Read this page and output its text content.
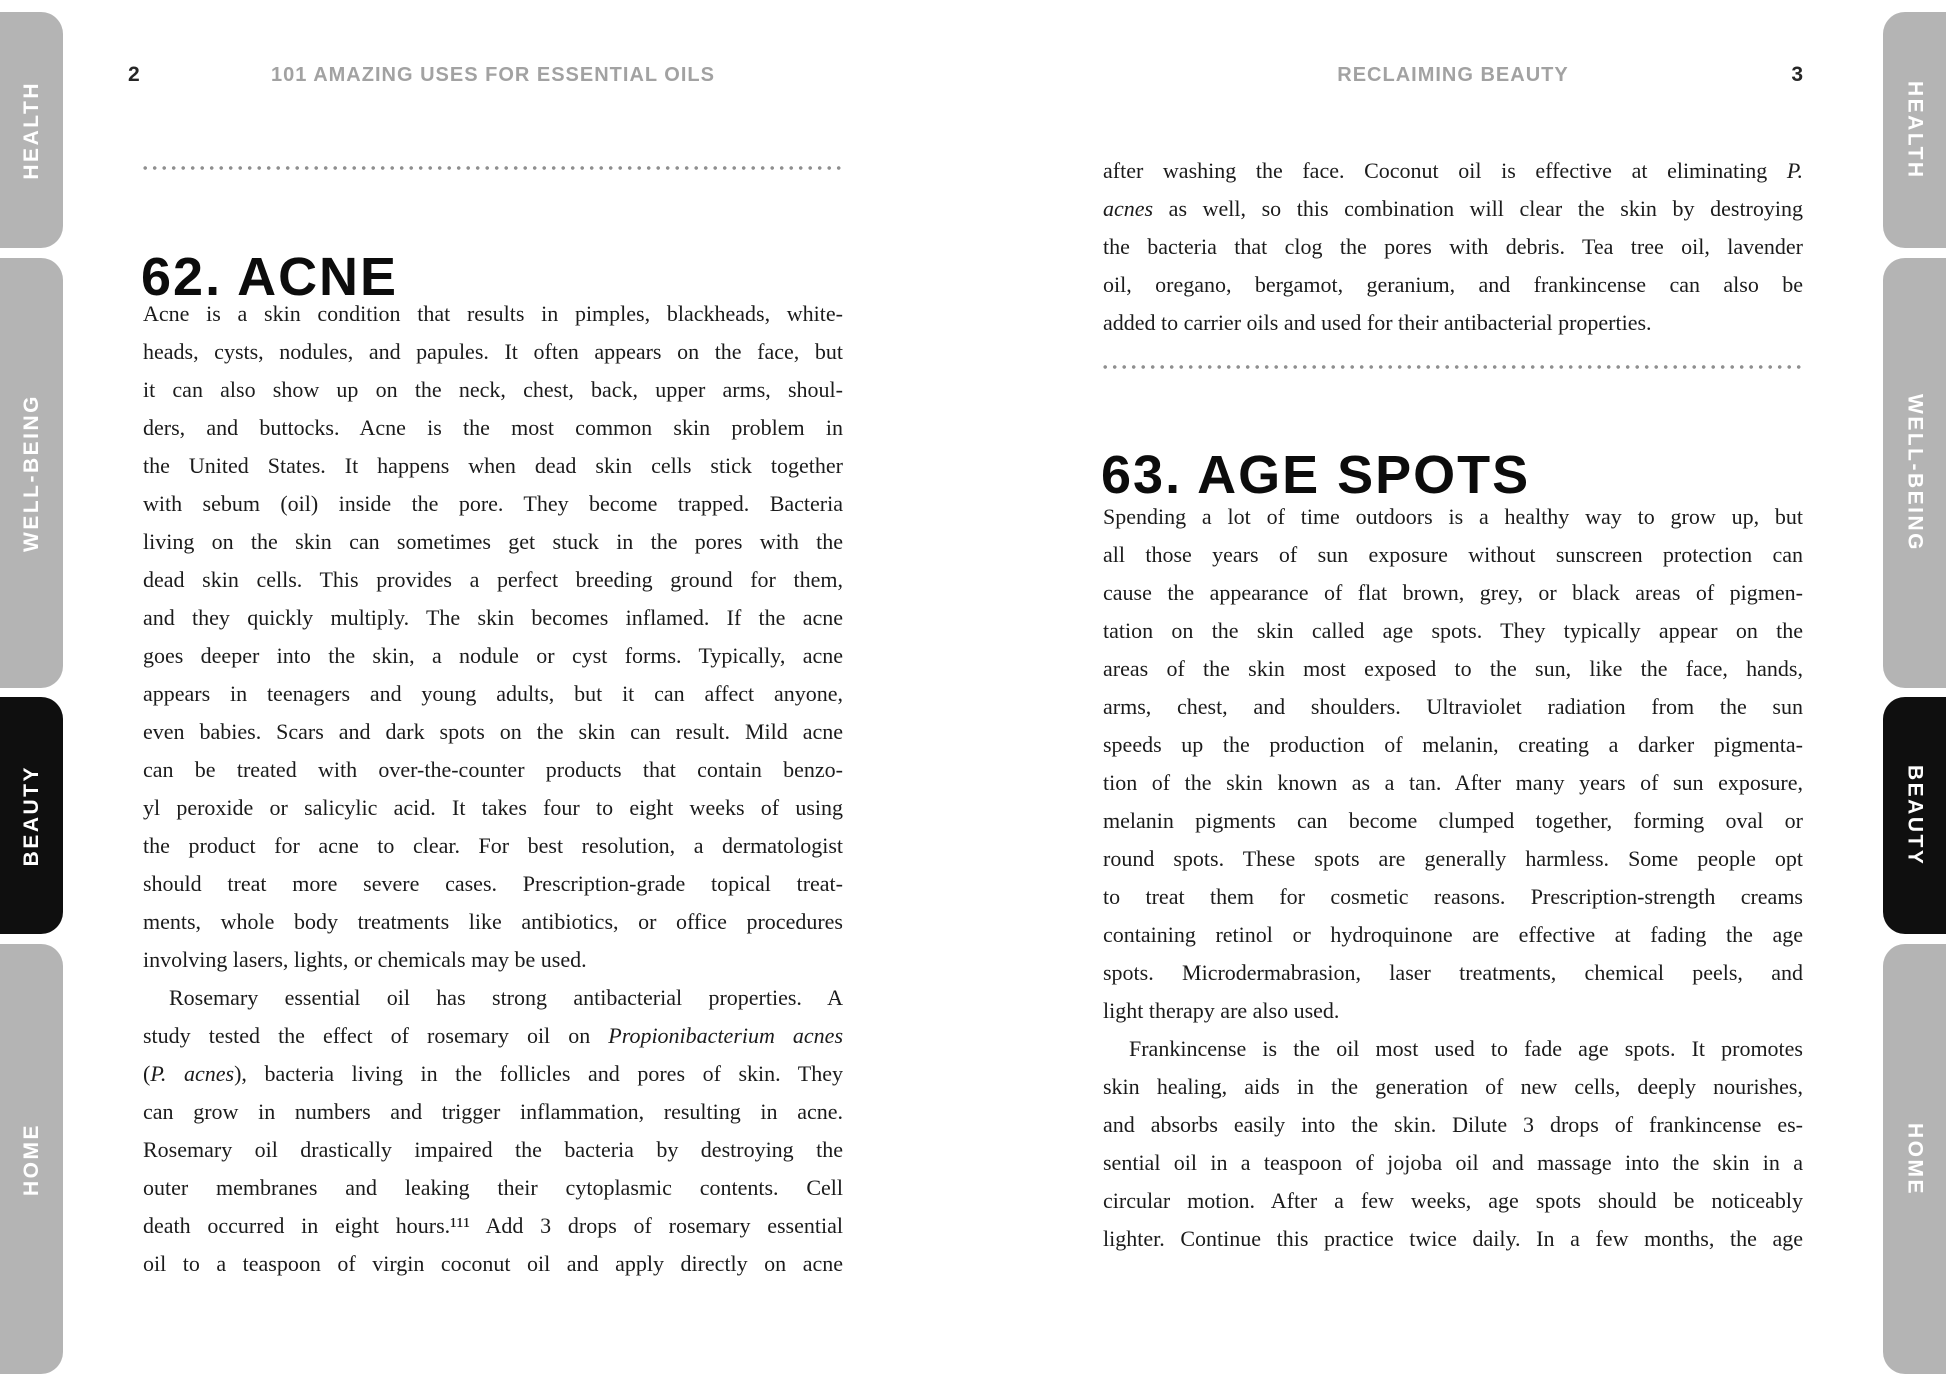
HEALTH
WELL-BEING
BEAUTY
HOME
HEALTH
WELL-BEING
BEAUTY
HOME
2	101 AMAZING USES FOR ESSENTIAL OILS
62. ACNE
Acne is a skin condition that results in pimples, blackheads, white-
heads, cysts, nodules, and papules. It often appears on the face, but
it can also show up on the neck, chest, back, upper arms, shoul-
ders, and buttocks. Acne is the most common skin problem in
the United States. It happens when dead skin cells stick together
with sebum (oil) inside the pore. They become trapped. Bacteria
living on the skin can sometimes get stuck in the pores with the
dead skin cells. This provides a perfect breeding ground for them,
and they quickly multiply. The skin becomes inflamed. If the acne
goes deeper into the skin, a nodule or cyst forms. Typically, acne
appears in teenagers and young adults, but it can affect anyone,
even babies. Scars and dark spots on the skin can result. Mild acne
can be treated with over-the-counter products that contain benzo-
yl peroxide or salicylic acid. It takes four to eight weeks of using
the product for acne to clear. For best resolution, a dermatologist
should treat more severe cases. Prescription-grade topical treat-
ments, whole body treatments like antibiotics, or office procedures
involving lasers, lights, or chemicals may be used.
Rosemary essential oil has strong antibacterial properties. A
study tested the effect of rosemary oil on Propionibacterium acnes
(P. acnes), bacteria living in the follicles and pores of skin. They
can grow in numbers and trigger inflammation, resulting in acne.
Rosemary oil drastically impaired the bacteria by destroying the
outer membranes and leaking their cytoplasmic contents. Cell
death occurred in eight hours.¹¹¹ Add 3 drops of rosemary essential
oil to a teaspoon of virgin coconut oil and apply directly on acne
RECLAIMING BEAUTY	3
after washing the face. Coconut oil is effective at eliminating P.
acnes as well, so this combination will clear the skin by destroying
the bacteria that clog the pores with debris. Tea tree oil, lavender
oil, oregano, bergamot, geranium, and frankincense can also be
added to carrier oils and used for their antibacterial properties.
63. AGE SPOTS
Spending a lot of time outdoors is a healthy way to grow up, but
all those years of sun exposure without sunscreen protection can
cause the appearance of flat brown, grey, or black areas of pigmen-
tation on the skin called age spots. They typically appear on the
areas of the skin most exposed to the sun, like the face, hands,
arms, chest, and shoulders. Ultraviolet radiation from the sun
speeds up the production of melanin, creating a darker pigmenta-
tion of the skin known as a tan. After many years of sun exposure,
melanin pigments can become clumped together, forming oval or
round spots. These spots are generally harmless. Some people opt
to treat them for cosmetic reasons. Prescription-strength creams
containing retinol or hydroquinone are effective at fading the age
spots. Microdermabrasion, laser treatments, chemical peels, and
light therapy are also used.
Frankincense is the oil most used to fade age spots. It promotes
skin healing, aids in the generation of new cells, deeply nourishes,
and absorbs easily into the skin. Dilute 3 drops of frankincense es-
sential oil in a teaspoon of jojoba oil and massage into the skin in a
circular motion. After a few weeks, age spots should be noticeably
lighter. Continue this practice twice daily. In a few months, the age
